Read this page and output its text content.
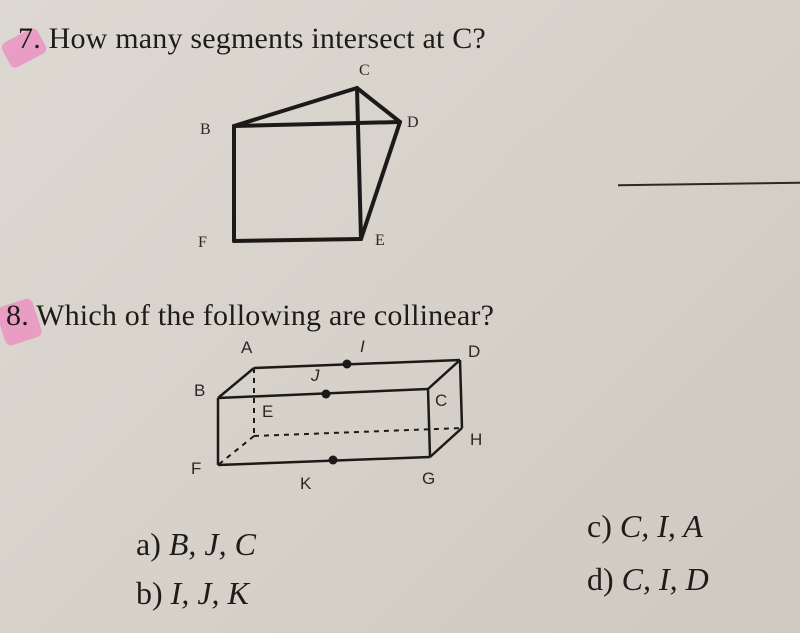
7. How many segments intersect at C?
C
B	D
F	E
8. Which of the following are collinear?
A	I	D
B
J
C
E
H
F
K	G
a) B, J, C
b) I, J, K
c) C, I, A
d) C, I, D
